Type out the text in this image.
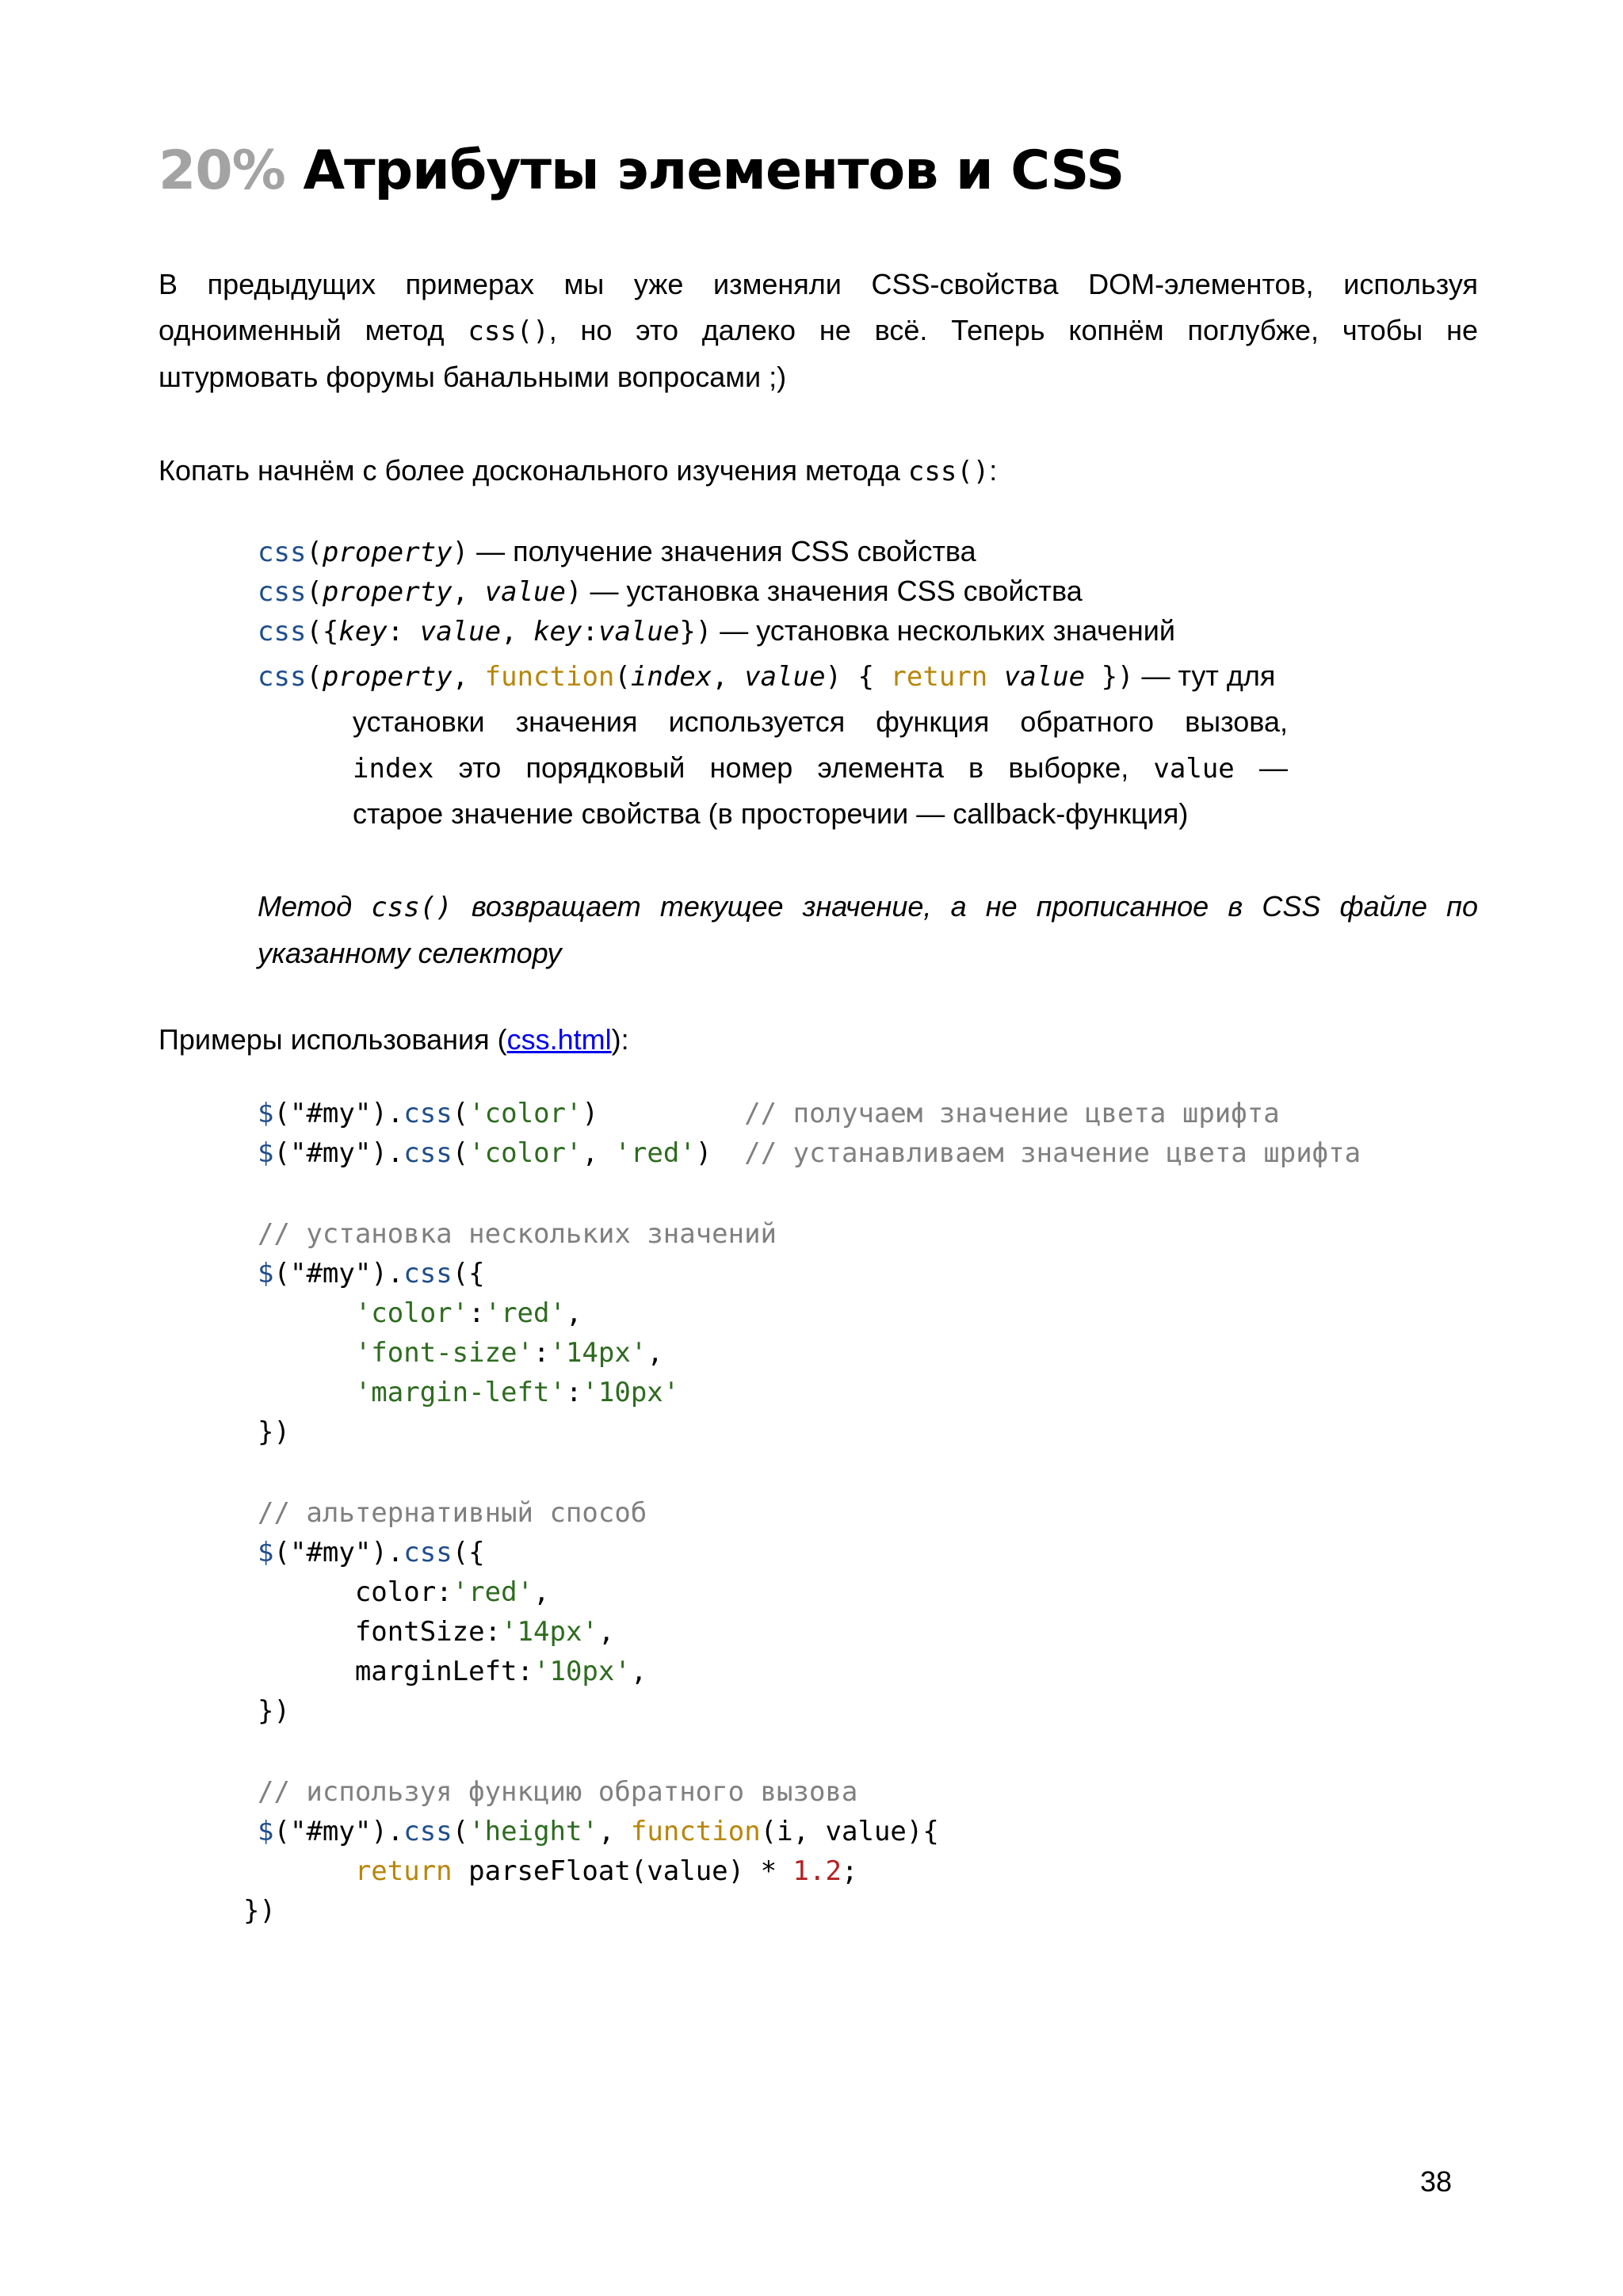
20% Атрибуты элементов и CSS
В предыдущих примерах мы уже изменяли CSS-свойства DOM-элементов, используя
одноименный метод css(), но это далеко не всё. Теперь копнём поглубже, чтобы не
штурмовать форумы банальными вопросами ;)
Копать начнём с более досконального изучения метода css():
css(property) — получение значения CSS свойства
css(property, value) — установка значения CSS свойства
css({key: value, key:value}) — установка нескольких значений
css(property, function(index, value) { return value }) — тут для
установки значения используется функция обратного вызова,
index это порядковый номер элемента в выборке, value —
старое значение свойства (в просторечии — callback-функция)
Метод css() возвращает текущее значение, а не прописанное в CSS файле по
указанному селектору
Примеры использования (css.html):
$("#my").css('color')         // получаем значение цвета шрифта
$("#my").css('color', 'red')  // устанавливаем значение цвета шрифта
// установка нескольких значений
$("#my").css({
'color':'red',
'font-size':'14px',
'margin-left':'10px'
})
// альтернативный способ
$("#my").css({
color:'red',
fontSize:'14px',
marginLeft:'10px',
})
// используя функцию обратного вызова
$("#my").css('height', function(i, value){
return parseFloat(value) * 1.2;
})
38
